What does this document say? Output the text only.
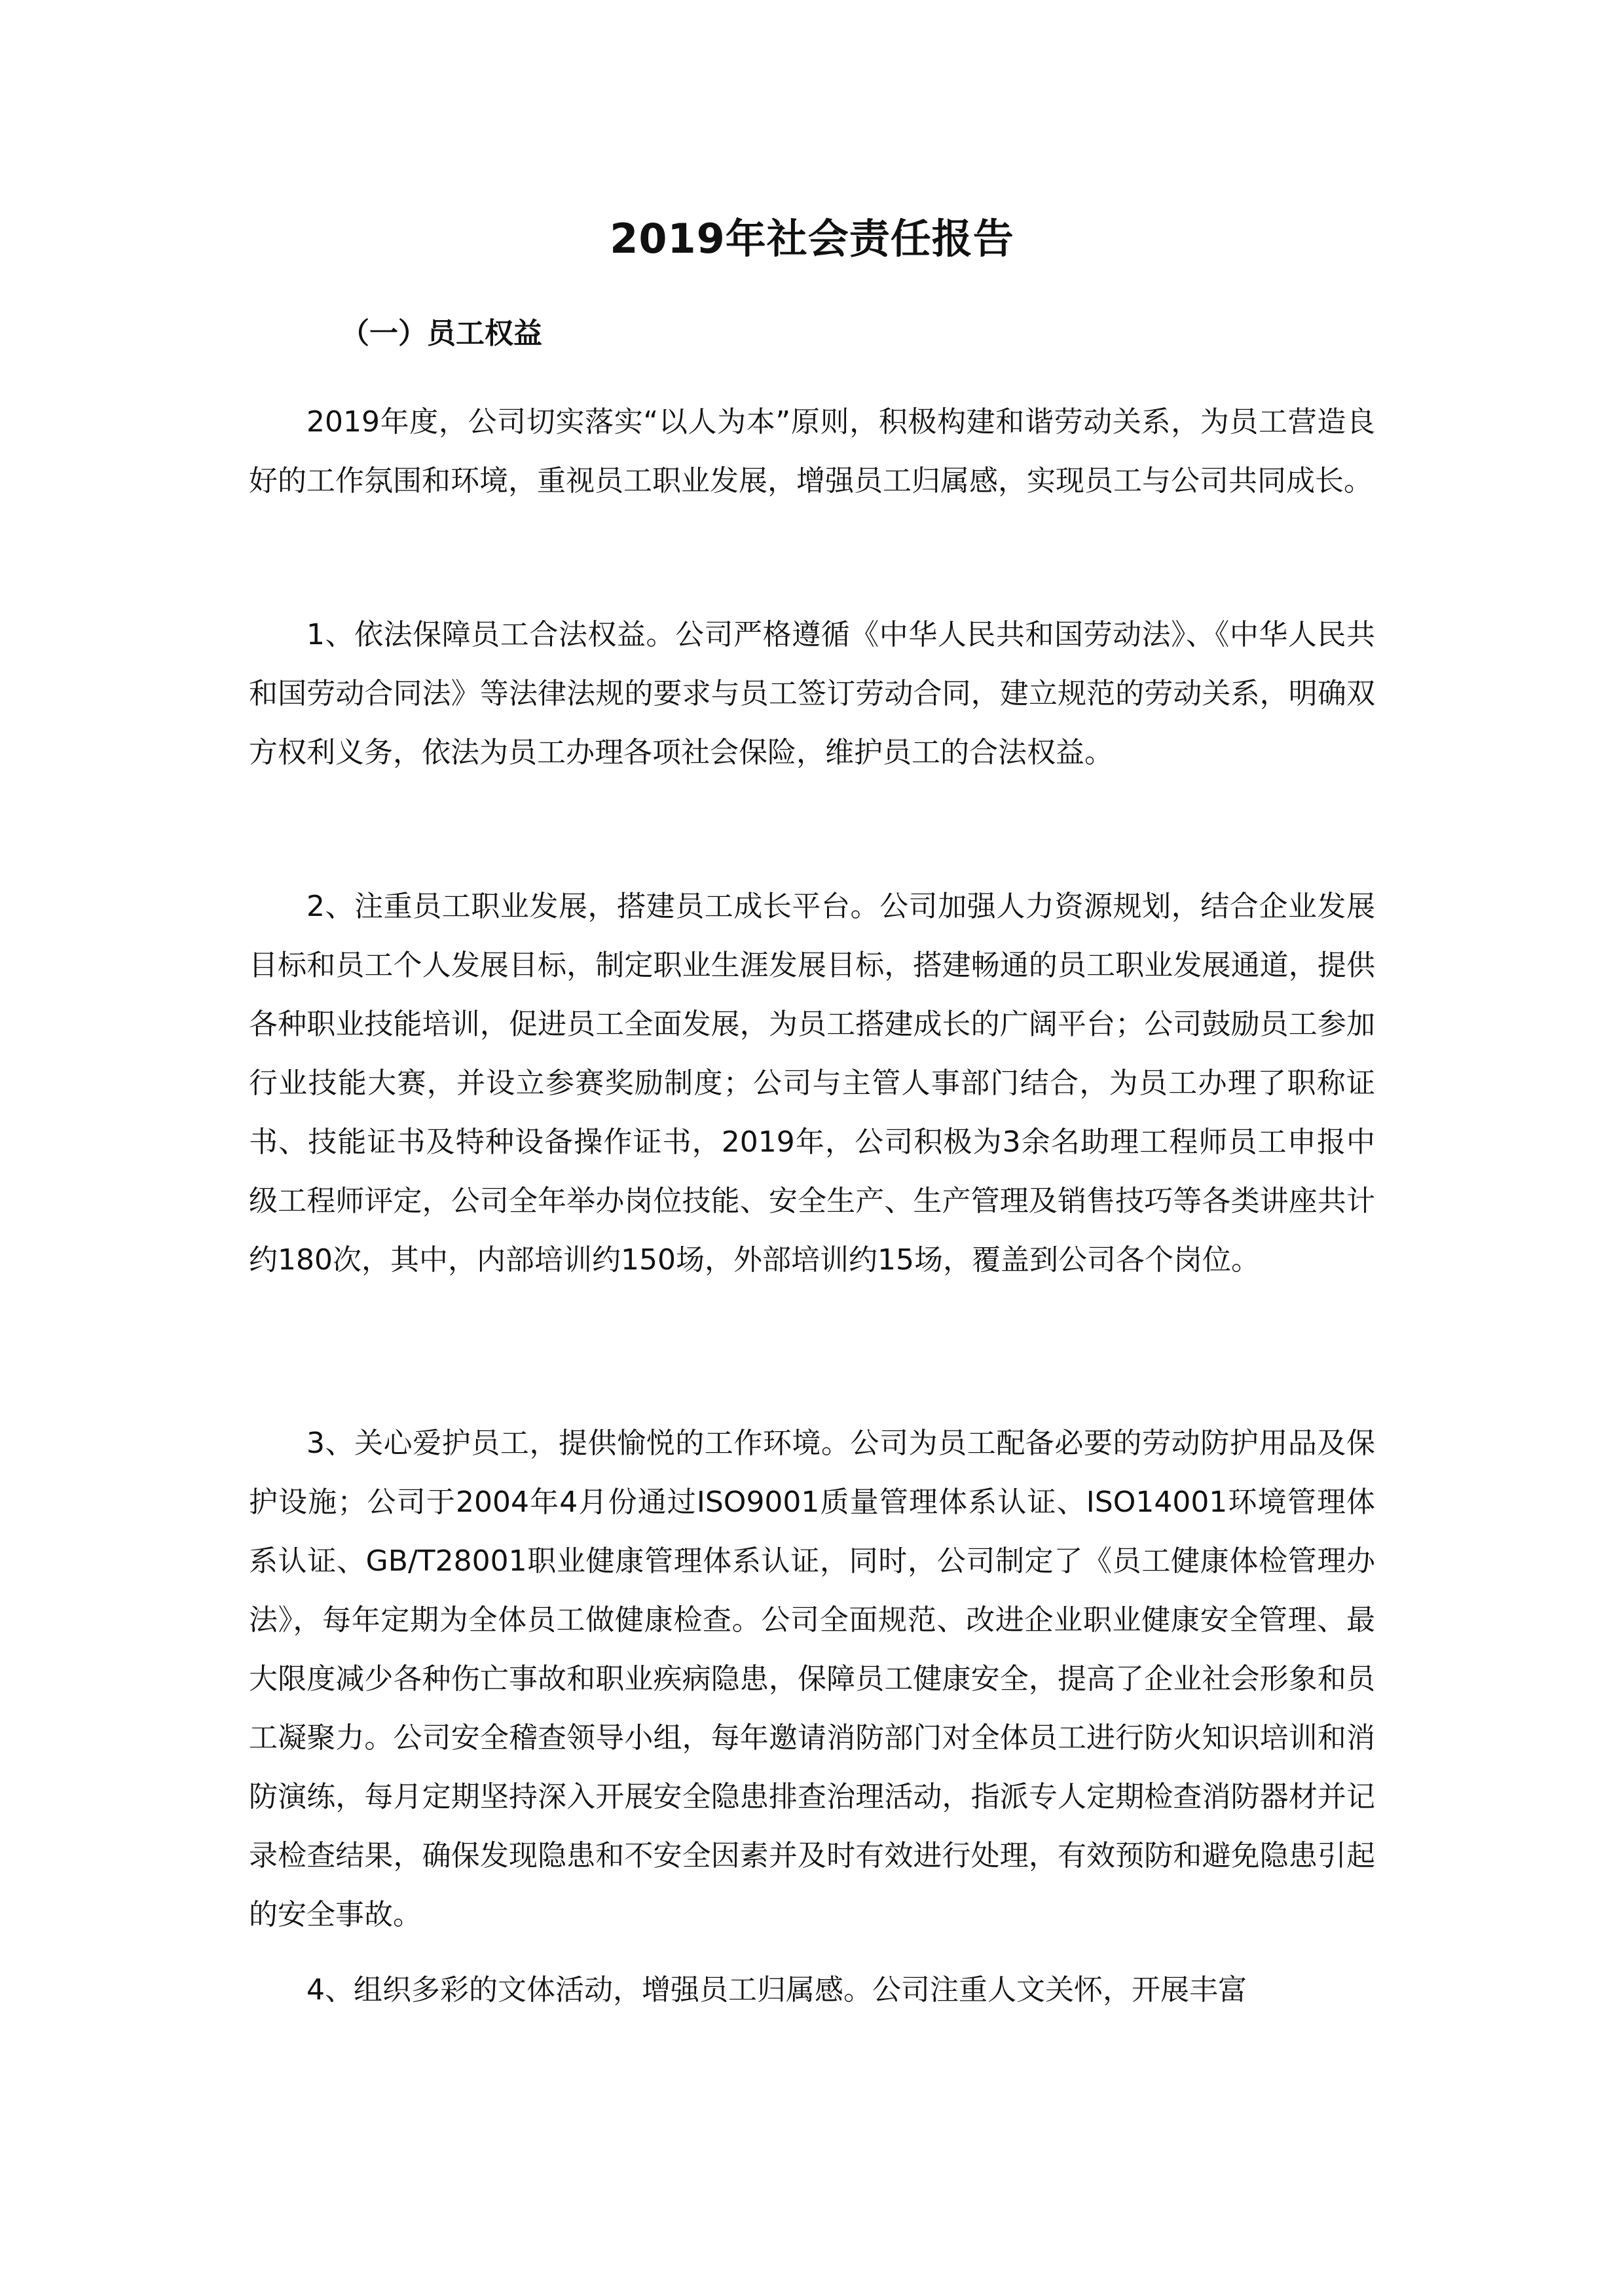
2019年社会责任报告
（一）员工权益

2019年度，公司切实落实“以人为本”原则，积极构建和谐劳动关系，为员工营造良好的工作氛围和环境，重视员工职业发展，增强员工归属感，实现员工与公司共同成长。

1、依法保障员工合法权益。公司严格遵循《中华人民共和国劳动法》、《中华人民共和国劳动合同法》等法律法规的要求与员工签订劳动合同，建立规范的劳动关系，明确双方权利义务，依法为员工办理各项社会保险，维护员工的合法权益。

2、注重员工职业发展，搭建员工成长平台。公司加强人力资源规划，结合企业发展目标和员工个人发展目标，制定职业生涯发展目标，搭建畅通的员工职业发展通道，提供各种职业技能培训，促进员工全面发展，为员工搭建成长的广阔平台；公司鼓励员工参加行业技能大赛，并设立参赛奖励制度；公司与主管人事部门结合，为员工办理了职称证书、技能证书及特种设备操作证书，2019年，公司积极为3余名助理工程师员工申报中级工程师评定，公司全年举办岗位技能、安全生产、生产管理及销售技巧等各类讲座共计约180次，其中，内部培训约150场，外部培训约15场，覆盖到公司各个岗位。

3、关心爱护员工，提供愉悦的工作环境。公司为员工配备必要的劳动防护用品及保护设施；公司于2004年4月份通过ISO9001质量管理体系认证、ISO14001环境管理体系认证、GB/T28001职业健康管理体系认证，同时，公司制定了《员工健康体检管理办法》，每年定期为全体员工做健康检查。公司全面规范、改进企业职业健康安全管理、最大限度减少各种伤亡事故和职业疾病隐患，保障员工健康安全，提高了企业社会形象和员工凝聚力。公司安全稽查领导小组，每年邀请消防部门对全体员工进行防火知识培训和消防演练，每月定期坚持深入开展安全隐患排查治理活动，指派专人定期检查消防器材并记录检查结果，确保发现隐患和不安全因素并及时有效进行处理，有效预防和避免隐患引起的安全事故。

4、组织多彩的文体活动，增强员工归属感。公司注重人文关怀，开展丰富
